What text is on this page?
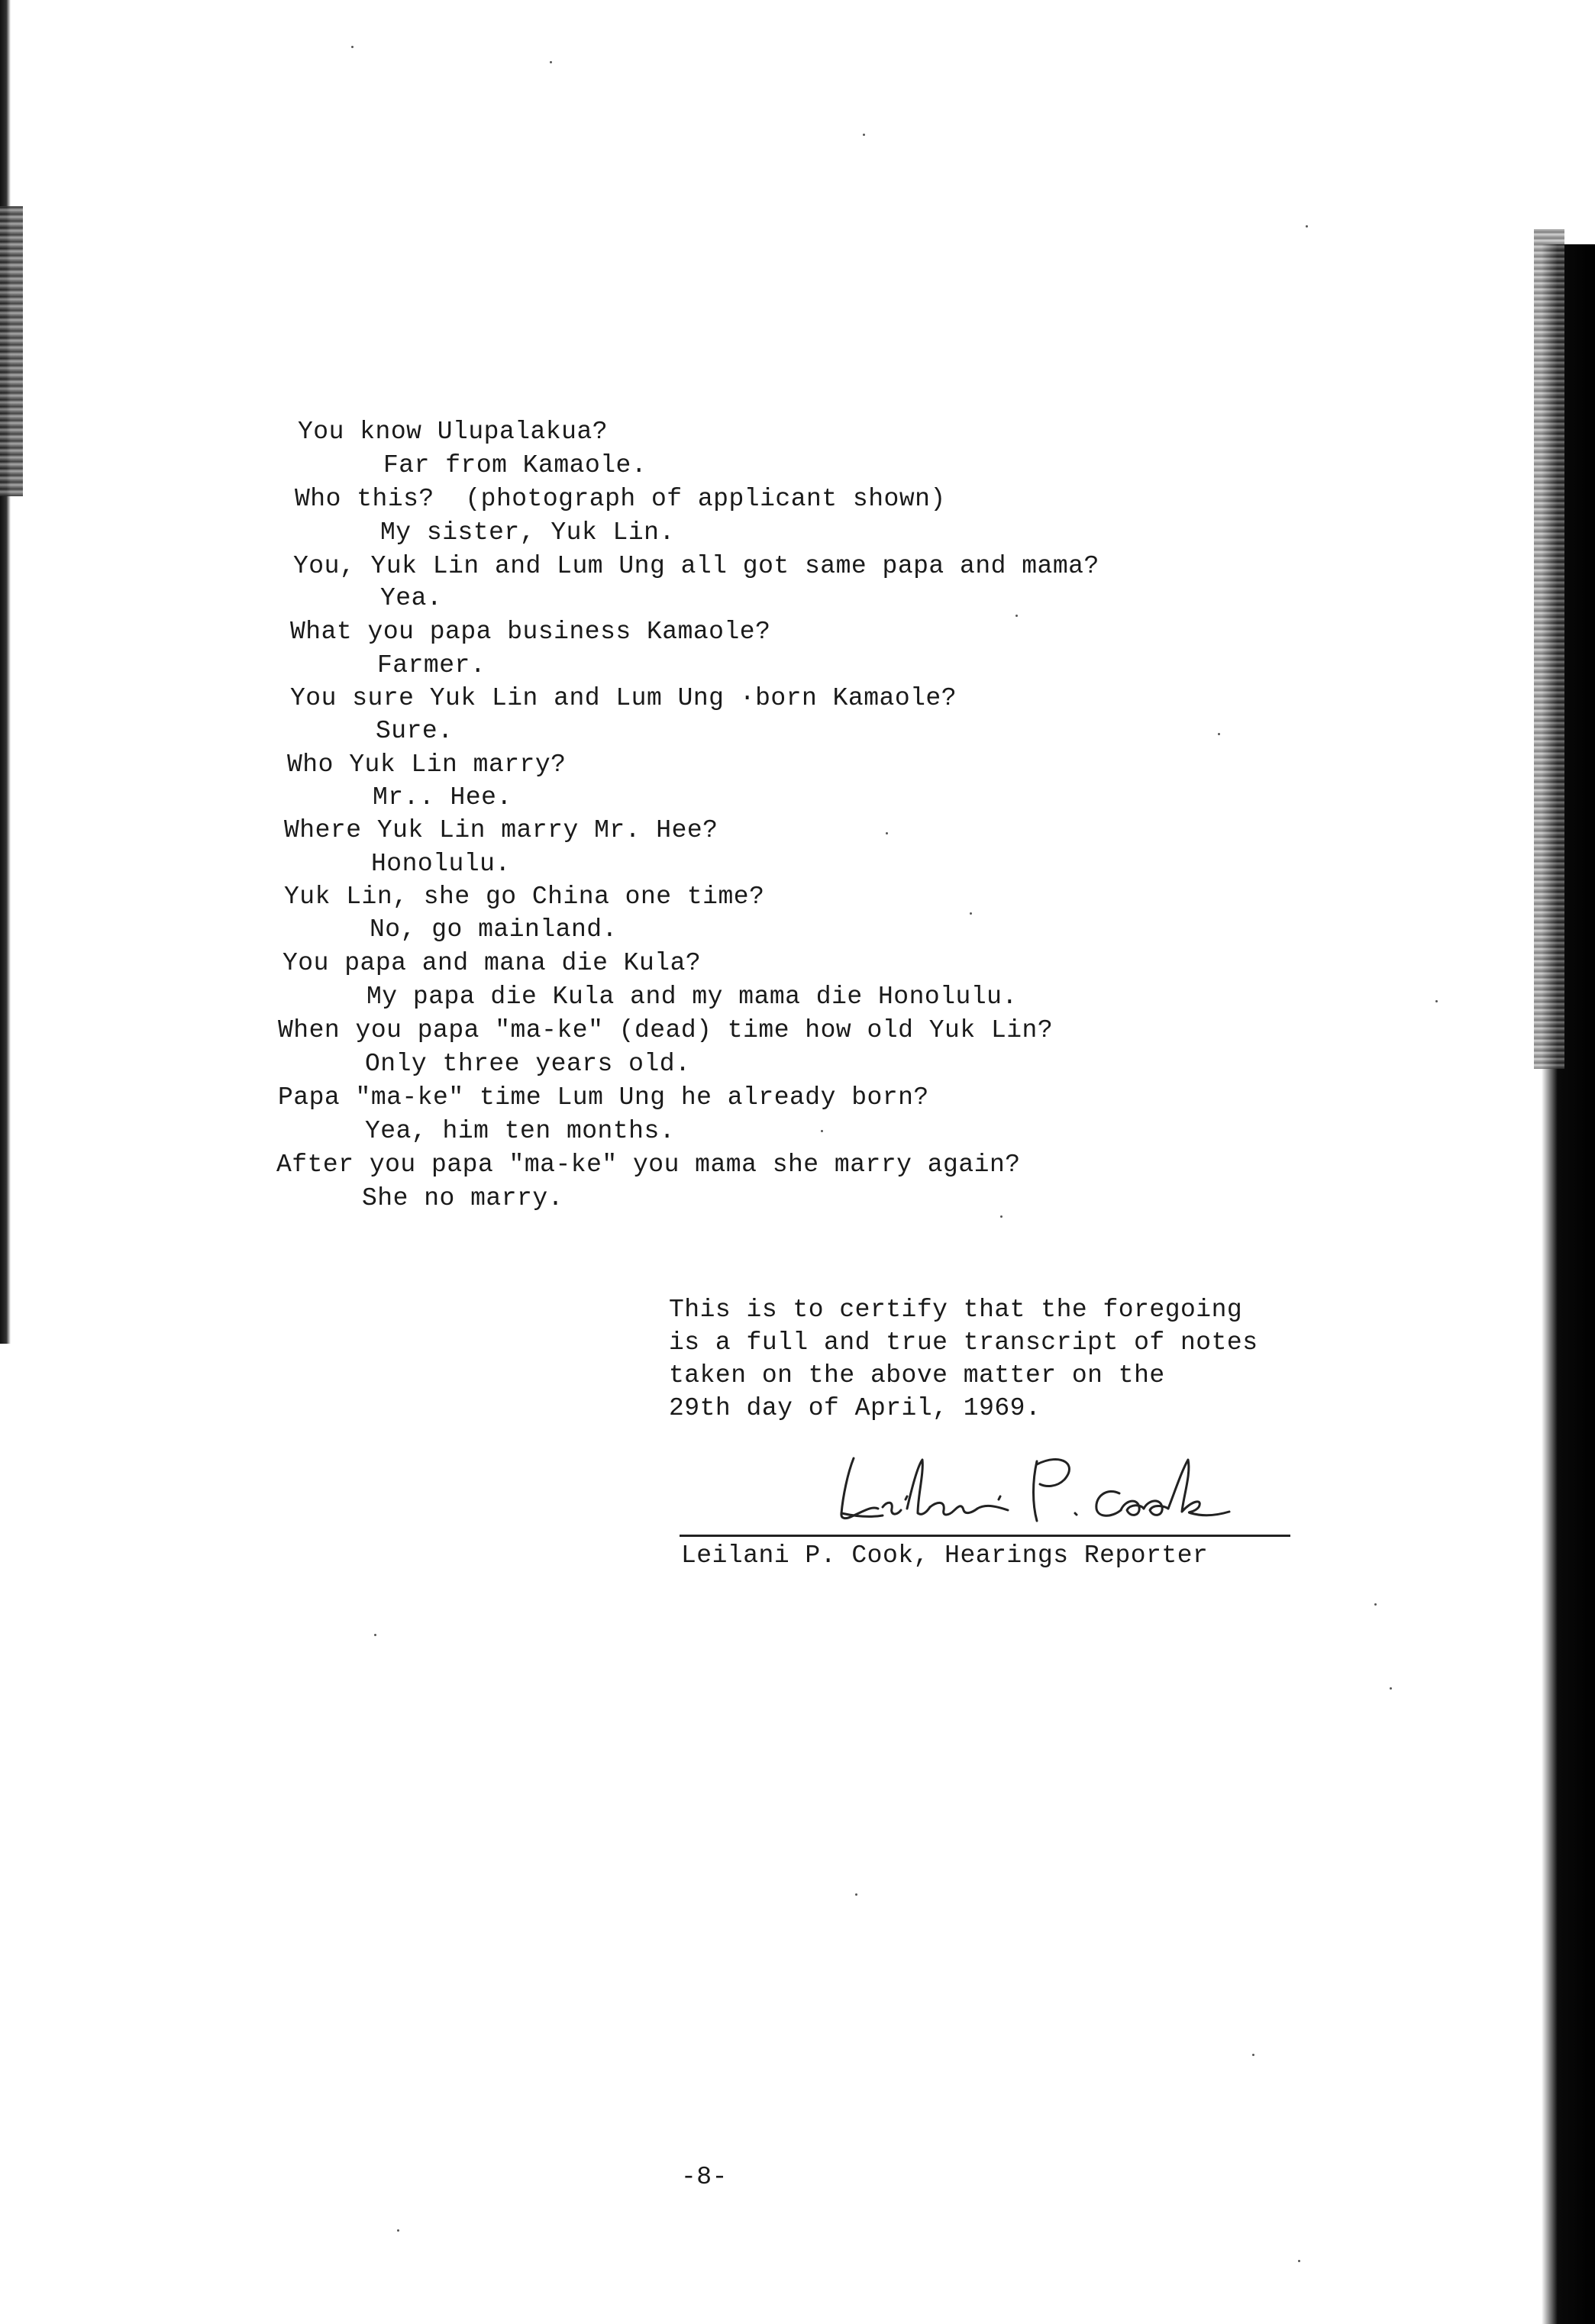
You know Ulupalakua?
Far from Kamaole.
Who this?  (photograph of applicant shown)
My sister, Yuk Lin.
You, Yuk Lin and Lum Ung all got same papa and mama?
Yea.
What you papa business Kamaole?
Farmer.
You sure Yuk Lin and Lum Ung ·born Kamaole?
Sure.
Who Yuk Lin marry?
Mr.. Hee.
Where Yuk Lin marry Mr. Hee?
Honolulu.
Yuk Lin, she go China one time?
No, go mainland.
You papa and mana die Kula?
My papa die Kula and my mama die Honolulu.
When you papa "ma-ke" (dead) time how old Yuk Lin?
Only three years old.
Papa "ma-ke" time Lum Ung he already born?
Yea, him ten months.
After you papa "ma-ke" you mama she marry again?
She no marry.
This is to certify that the foregoing
is a full and true transcript of notes
taken on the above matter on the
29th day of April, 1969.
Leilani P. Cook, Hearings Reporter
-8-
